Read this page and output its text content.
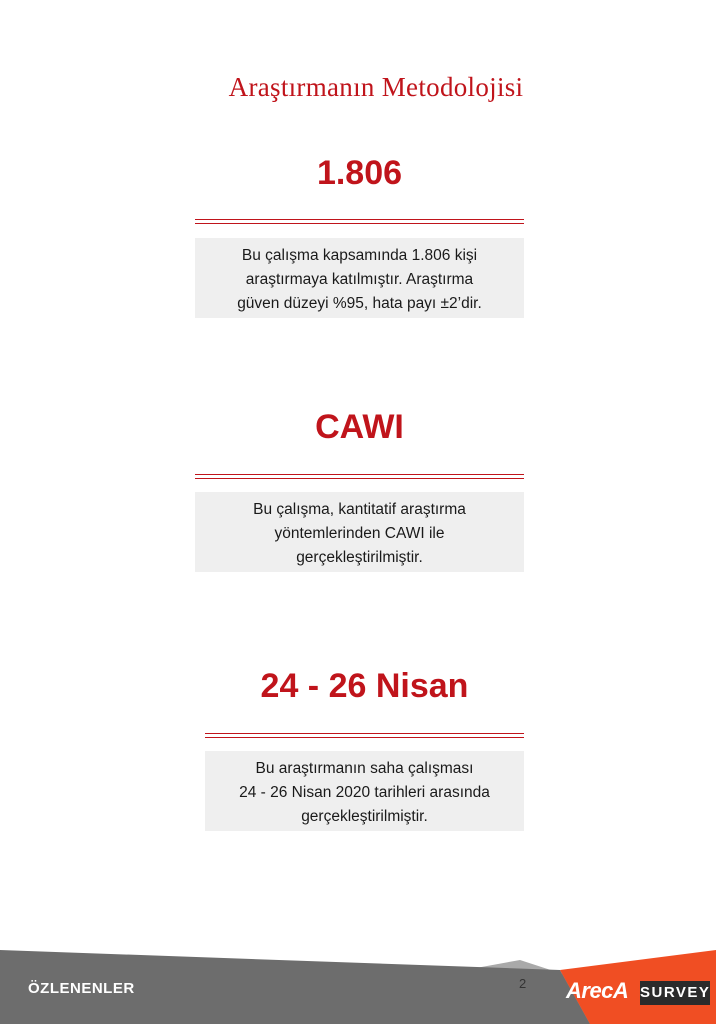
Araştırmanın Metodolojisi
1.806
Bu çalışma kapsamında 1.806 kişi
araştırmaya katılmıştır. Araştırma
güven düzeyi %95, hata payı ±2’dir.
CAWI
Bu çalışma, kantitatif araştırma
yöntemlerinden CAWI ile
gerçekleştirilmiştir.
24 - 26 Nisan
Bu araştırmanın saha çalışması
24 - 26 Nisan 2020 tarihleri arasında
gerçekleştirilmiştir.
ÖZLENENLER	2 ArecA SURVEY
